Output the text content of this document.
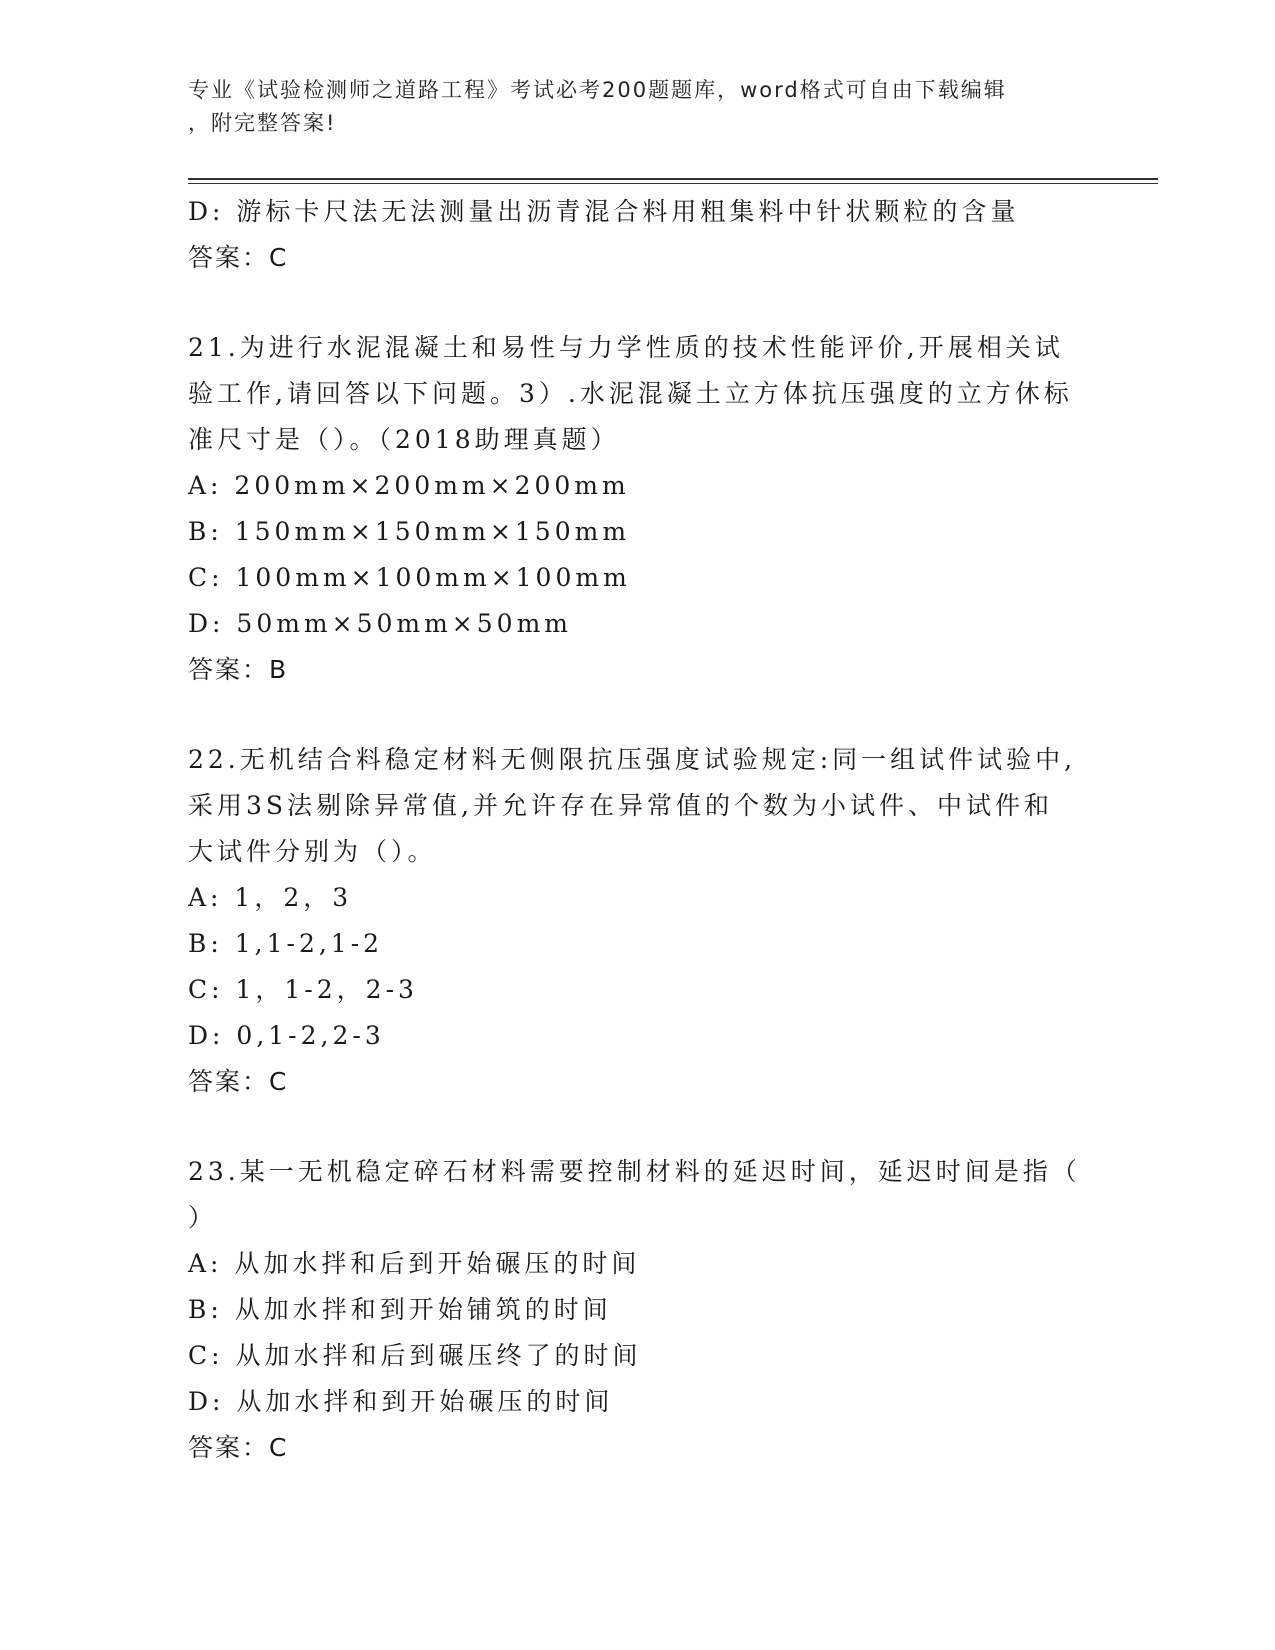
专业《试验检测师之道路工程》考试必考200题题库，word格式可自由下载编辑
，附完整答案!
D: 游标卡尺法无法测量出沥青混合料用粗集料中针状颗粒的含量
答案：C
21.为进行水泥混凝土和易性与力学性质的技术性能评价,开展相关试
验工作,请回答以下问题。3）.水泥混凝土立方体抗压强度的立方休标
准尺寸是（）。（2018助理真题）
A: 200mm×200mm×200mm
B: 150mm×150mm×150mm
C: 100mm×100mm×100mm
D: 50mm×50mm×50mm
答案：B
22.无机结合料稳定材料无侧限抗压强度试验规定:同一组试件试验中,
采用3S法剔除异常值,并允许存在异常值的个数为小试件、中试件和
大试件分别为（）。
A: 1，2，3
B: 1,1-2,1-2
C: 1，1-2，2-3
D: 0,1-2,2-3
答案：C
23.某一无机稳定碎石材料需要控制材料的延迟时间，延迟时间是指（
）
A: 从加水拌和后到开始碾压的时间
B: 从加水拌和到开始铺筑的时间
C: 从加水拌和后到碾压终了的时间
D: 从加水拌和到开始碾压的时间
答案：C
